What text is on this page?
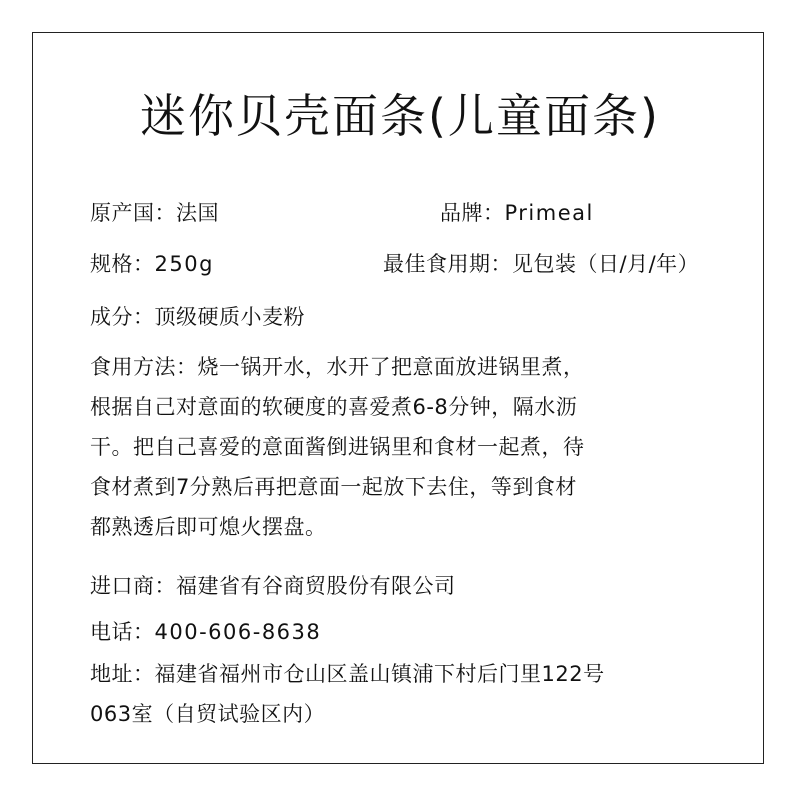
迷你贝壳面条(儿童面条)
原产国：法国	品牌：Primeal
规格：250g	最佳食用期：见包装（日/月/年）
成分：顶级硬质小麦粉
食用方法：烧一锅开水，水开了把意面放进锅里煮，
根据自己对意面的软硬度的喜爱煮6-8分钟，隔水沥
干。把自己喜爱的意面酱倒进锅里和食材一起煮，待
食材煮到7分熟后再把意面一起放下去住，等到食材
都熟透后即可熄火摆盘。
进口商：福建省有谷商贸股份有限公司
电话：400-606-8638
地址：福建省福州市仓山区盖山镇浦下村后门里122号
063室（自贸试验区内）
